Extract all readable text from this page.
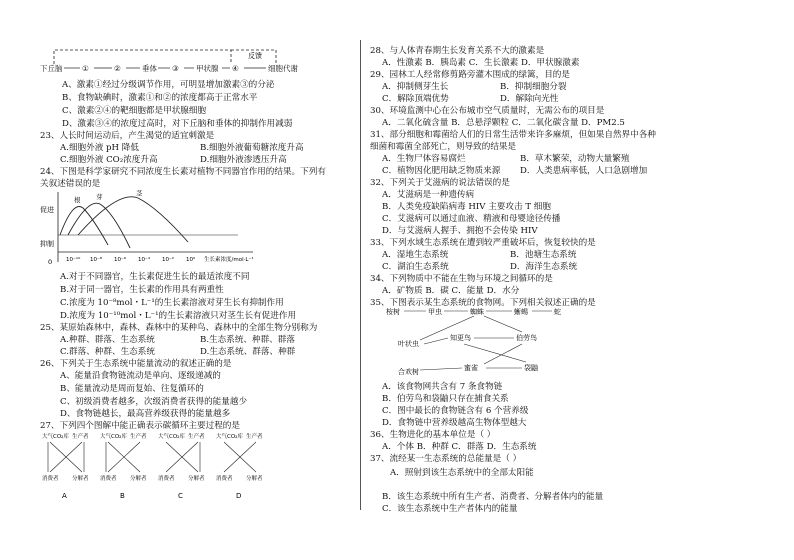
反馈
下丘脑	①	②	垂体 ③ 甲状腺 ④	细胞代谢
促进
抑制
0
根 芽	茎
10⁻¹⁰ 10⁻⁸ 10⁻⁶ 10⁻⁴ 10⁻² 10⁰ 生长素浓度/mol·L⁻¹
大气CO₂库 生产者
消费者 分解者
A
大气CO₂库 生产者
消费者 分解者
B
大气CO₂库 生产者
消费者 分解者
C
大气CO₂库 生产者
消费者 分解者
D
桉树	甲虫	蜘蛛	蜥蜴	蛇
叶状虫
知更鸟	伯劳鸟
合欢树	蜜雀	袋鼬
A、激素①经过分级调节作用，可明显增加激素③的分泌
B、食物缺碘时，激素①和②的浓度都高于正常水平
C、激素②④的靶细胞都是甲状腺细胞
D、激素③④的浓度过高时，对下丘脑和垂体的抑制作用减弱
23、人长时间运动后，产生渴觉的适宜刺激是
A.细胞外液 pH 降低	B.细胞外液葡萄糖浓度升高
C.细胞外液 CO₂浓度升高	D.细胞外液渗透压升高
24、下图是科学家研究不同浓度生长素对植物不同器官作用的结果。下列有
关叙述错误的是
A.对于不同器官，生长素促进生长的最适浓度不同
B.对于同一器官，生长素的作用具有两重性
C.浓度为 10⁻⁸mol・L⁻¹的生长素溶液对芽生长有抑制作用
D.浓度为 10⁻¹⁰mol・L⁻¹的生长素溶液只对茎生长有促进作用
25、某原始森林中，森林、森林中的某种鸟、森林中的全部生物分别称为
A.种群、群落、生态系统	B.生态系统、种群、群落
C.群落、种群、生态系统	D.生态系统、群落、种群
26、下列关于生态系统中能量流动的叙述正确的是
A、能量沿食物链流动是单向、逐级递减的
B、能量流动是周而复始、往复循环的
C、初级消费者越多，次级消费者获得的能量越少
D、食物链越长，最高营养级获得的能量越多
27、下列四个图解中能正确表示碳循环主要过程的是
28、与人体青春期生长发育关系不大的激素是
A．性激素 B．胰岛素 C．生长激素 D．甲状腺激素
29、园林工人经常修剪路旁灌木围成的绿篱，目的是
A．抑制侧芽生长	B．抑制细胞分裂
C．解除顶端优势	D．解除向光性
30、环境监测中心在公布城市空气质量时，无需公布的项目是
A．二氧化硫含量 B．总悬浮颗粒 C．二氧化碳含量 D．PM2.5
31、部分细胞和霉菌给人们的日常生活带来许多麻烦，但如果自然界中各种
细菌和霉菌全部死亡，则导致的结果是
A．生物尸体容易腐烂	B．草木繁荣，动物大量繁殖
C．植物因化肥用缺乏物质来源 D．人类患病率低，人口急剧增加
32、下列关于艾滋病的说法错误的是
A．艾滋病是一种遗传病
B．人类免疫缺陷病毒 HIV 主要攻击 T 细胞
C．艾滋病可以通过血液、精液和母婴途径传播
D．与艾滋病人握手、拥抱不会传染 HIV
33、下列水域生态系统在遭到较严重破坏后，恢复较快的是
A．湿地生态系统	B．池塘生态系统
C．湖泊生态系统	D．海洋生态系统
34、下列物质中不能在生物与环境之间循环的是
A．矿物质 B．碳 C．能量 D．水分
35、下图表示某生态系统的食物网。下列相关叙述正确的是
A．该食物网共含有 7 条食物链
B．伯劳鸟和袋鼬只存在捕食关系
C．图中最长的食物链含有 6 个营养级
D．食物链中营养级越高生物体型越大
36、生物进化的基本单位是（ ）
A．个体 B．种群 C．群落 D．生态系统
37、流经某一生态系统的总能量是（ ）
A．照射到该生态系统中的全部太阳能
B．该生态系统中所有生产者、消费者、分解者体内的能量
C．该生态系统中生产者体内的能量
